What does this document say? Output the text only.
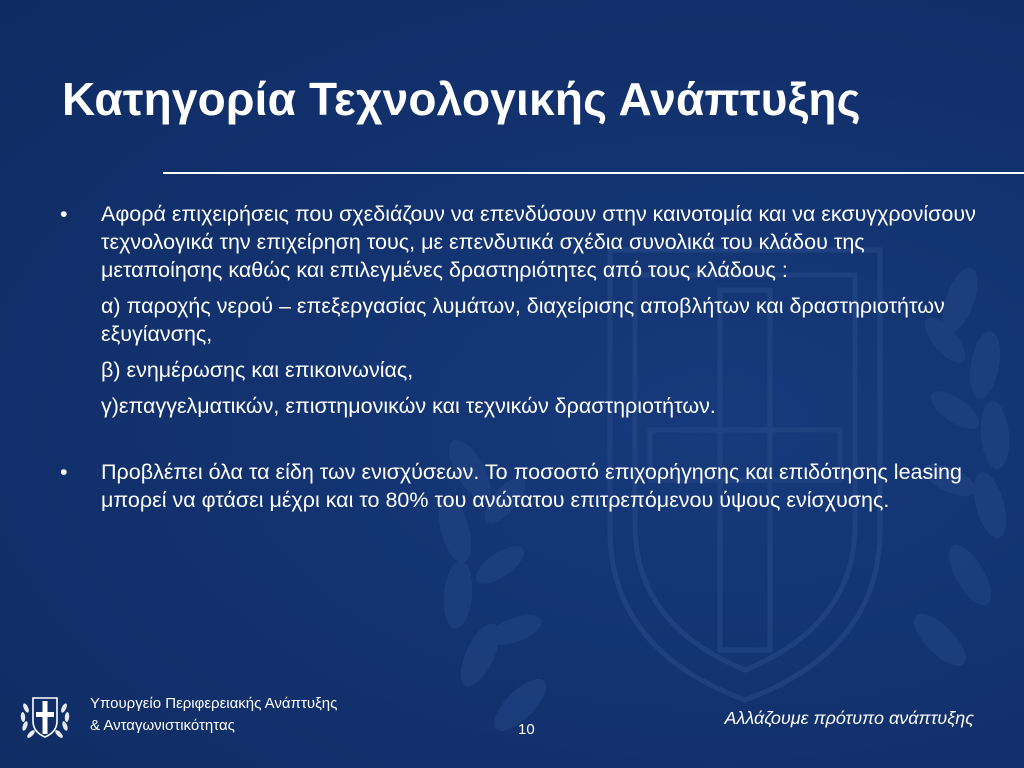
Κατηγορία Τεχνολογικής Ανάπτυξης

• Αφορά επιχειρήσεις που σχεδιάζουν να επενδύσουν στην καινοτομία και να εκσυγχρονίσουν τεχνολογικά την επιχείρηση τους, με επενδυτικά σχέδια συνολικά του κλάδου της μεταποίησης καθώς και επιλεγμένες δραστηριότητες από τους κλάδους :

α) παροχής νερού – επεξεργασίας λυμάτων, διαχείρισης αποβλήτων και δραστηριοτήτων εξυγίανσης,

β) ενημέρωσης και επικοινωνίας,

γ)επαγγελματικών, επιστημονικών και τεχνικών δραστηριοτήτων.

• Προβλέπει όλα τα είδη των ενισχύσεων. Το ποσοστό επιχορήγησης και επιδότησης leasing μπορεί να φτάσει μέχρι και το 80% του ανώτατου επιτρεπόμενου ύψους ενίσχυσης.

Υπουργείο Περιφερειακής Ανάπτυξης
& Ανταγωνιστικότητας	10
Αλλάζουμε πρότυπο ανάπτυξης
